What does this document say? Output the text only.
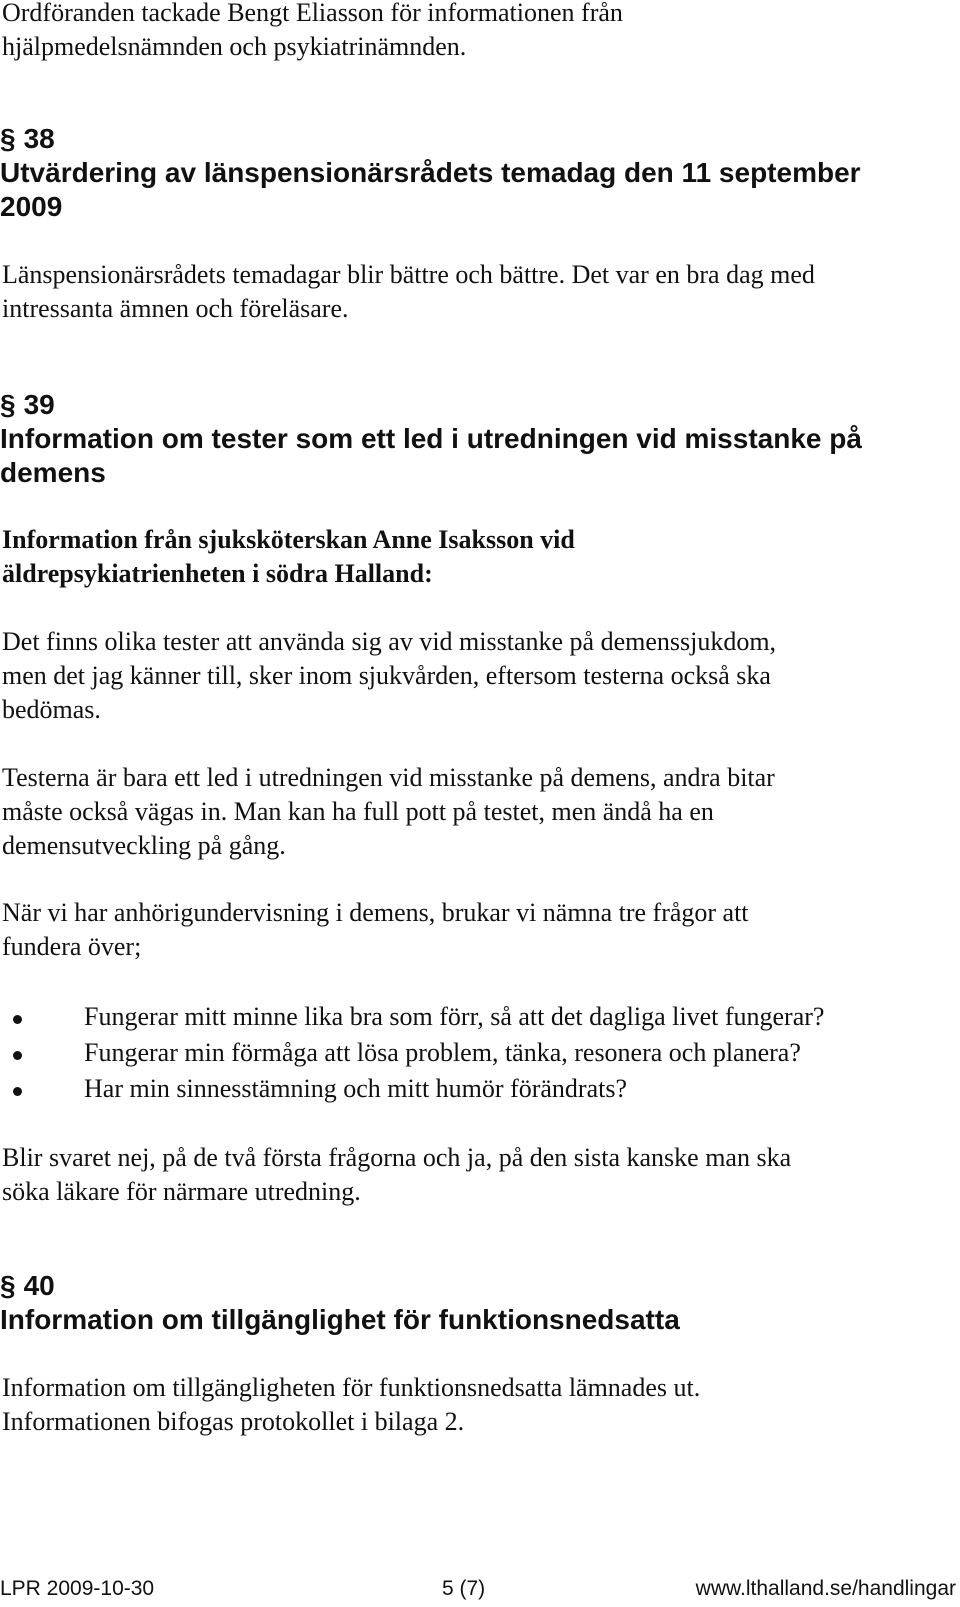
Ordföranden tackade Bengt Eliasson för informationen från
hjälpmedelsnämnden och psykiatrinämnden.
§ 38
Utvärdering av länspensionärsrådets temadag den 11 september
2009
Länspensionärsrådets temadagar blir bättre och bättre. Det var en bra dag med
intressanta ämnen och föreläsare.
§ 39
Information om tester som ett led i utredningen vid misstanke på
demens
Information från sjuksköterskan Anne Isaksson vid
äldrepsykiatrienheten i södra Halland:
Det finns olika tester att använda sig av vid misstanke på demenssjukdom,
men det jag känner till, sker inom sjukvården, eftersom testerna också ska
bedömas.
Testerna är bara ett led i utredningen vid misstanke på demens, andra bitar
måste också vägas in. Man kan ha full pott på testet, men ändå ha en
demensutveckling på gång.
När vi har anhörigundervisning i demens, brukar vi nämna tre frågor att
fundera över;
Fungerar mitt minne lika bra som förr, så att det dagliga livet fungerar?
Fungerar min förmåga att lösa problem, tänka, resonera och planera?
Har min sinnesstämning och mitt humör förändrats?
Blir svaret nej, på de två första frågorna och ja, på den sista kanske man ska
söka läkare för närmare utredning.
§ 40
Information om tillgänglighet för funktionsnedsatta
Information om tillgängligheten för funktionsnedsatta lämnades ut.
Informationen bifogas protokollet i bilaga 2.
LPR 2009-10-30	5 (7)	www.lthalland.se/handlingar
